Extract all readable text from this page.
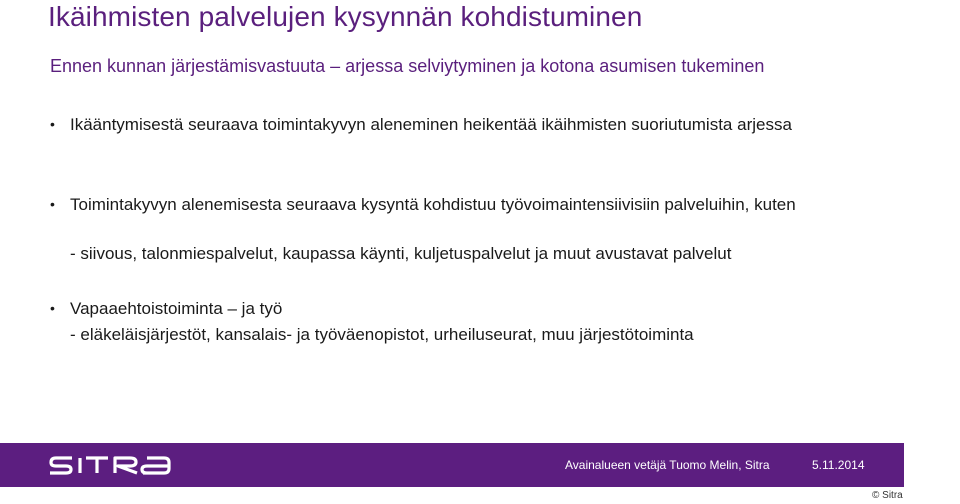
Ikäihmisten palvelujen kysynnän kohdistuminen
Ennen kunnan järjestämisvastuuta – arjessa selviytyminen ja kotona asumisen tukeminen
• Ikääntymisestä seuraava toimintakyvyn aleneminen heikentää ikäihmisten suoriutumista arjessa
• Toimintakyvyn alenemisesta seuraava kysyntä kohdistuu työvoimaintensiivisiin palveluihin, kuten
- siivous, talonmiespalvelut, kaupassa käynti, kuljetuspalvelut ja muut avustavat palvelut
• Vapaaehtoistoiminta – ja työ
- eläkeläisjärjestöt, kansalais- ja työväenopistot, urheiluseurat, muu järjestötoiminta
Avainalueen vetäjä Tuomo Melin, Sitra	5.11.2014
© Sitra
